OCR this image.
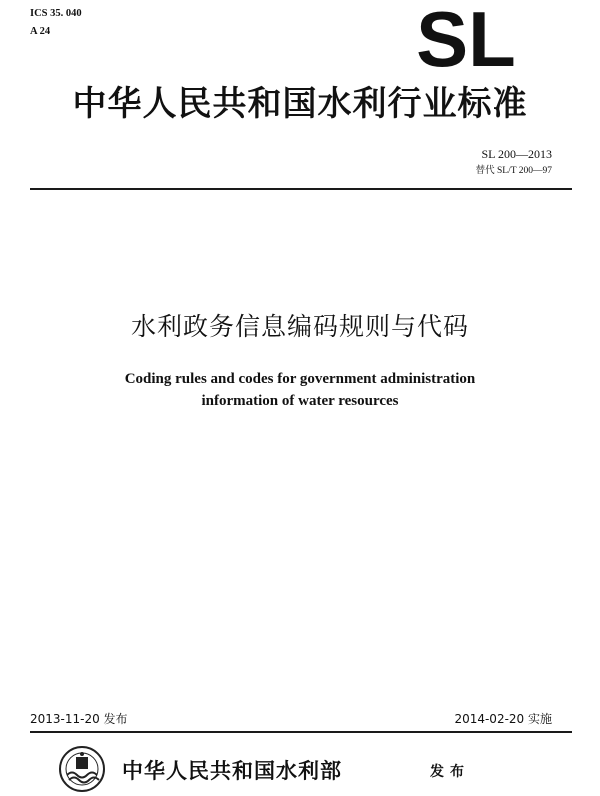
ICS 35. 040
A 24	SL
中华人民共和国水利行业标准
SL 200—2013
替代 SL/T 200—97
水利政务信息编码规则与代码
Coding rules and codes for government administration
information of water resources
2013-11-20 发布	2014-02-20 实施
中华人民共和国水利部	发布
